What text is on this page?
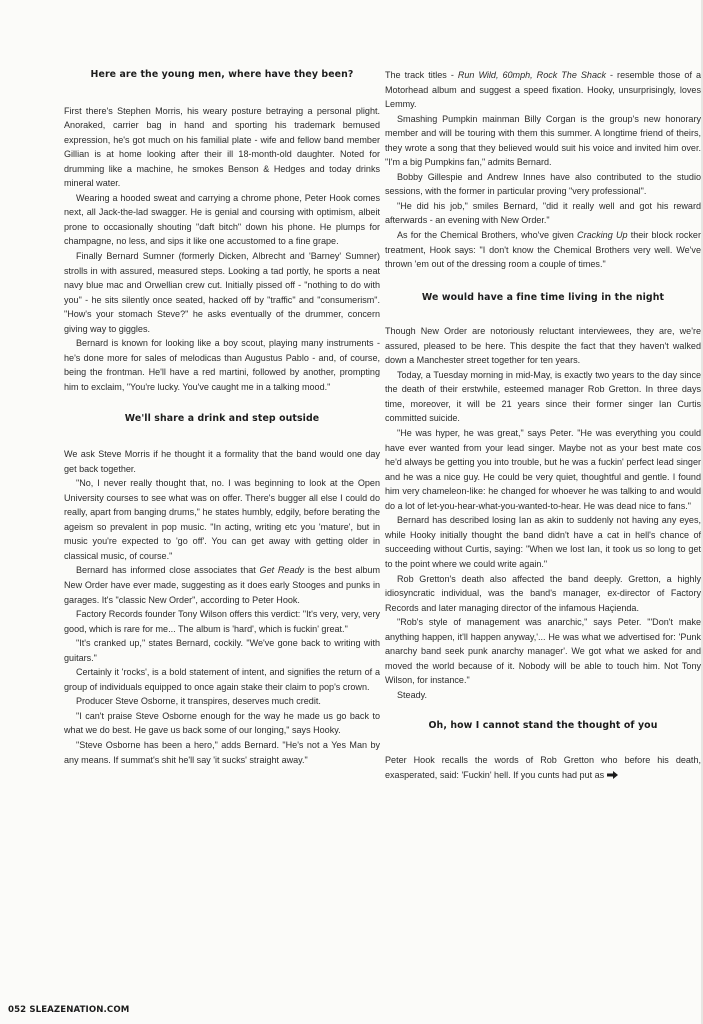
Here are the young men, where have they been?

First there's Stephen Morris, his weary posture betraying a personal plight. Anoraked, carrier bag in hand and sporting his trademark bemused expression, he's got much on his familial plate - wife and fellow band member Gillian is at home looking after their ill 18-month-old daughter. Noted for drumming like a machine, he smokes Benson & Hedges and today drinks mineral water.

Wearing a hooded sweat and carrying a chrome phone, Peter Hook comes next, all Jack-the-lad swagger. He is genial and coursing with optimism, albeit prone to occasionally shouting "daft bitch" down his phone. He plumps for champagne, no less, and sips it like one accustomed to a fine grape.

Finally Bernard Sumner (formerly Dicken, Albrecht and 'Barney' Sumner) strolls in with assured, measured steps. Looking a tad portly, he sports a neat navy blue mac and Orwellian crew cut. Initially pissed off - "nothing to do with you" - he sits silently once seated, hacked off by "traffic" and "consumerism". "How's your stomach Steve?" he asks eventually of the drummer, concern giving way to giggles.

Bernard is known for looking like a boy scout, playing many instruments - he's done more for sales of melodicas than Augustus Pablo - and, of course, being the frontman. He'll have a red martini, followed by another, prompting him to exclaim, "You're lucky. You've caught me in a talking mood."

We'll share a drink and step outside

We ask Steve Morris if he thought it a formality that the band would one day get back together.

"No, I never really thought that, no. I was beginning to look at the Open University courses to see what was on offer. There's bugger all else I could do really, apart from banging drums," he states humbly, edgily, before berating the ageism so prevalent in pop music. "In acting, writing etc you 'mature', but in music you're expected to 'go off'. You can get away with getting older in classical music, of course."

Bernard has informed close associates that Get Ready is the best album New Order have ever made, suggesting as it does early Stooges and punks in garages. It's "classic New Order", according to Peter Hook.

Factory Records founder Tony Wilson offers this verdict: "It's very, very, very good, which is rare for me... The album is 'hard', which is fuckin' great."

"It's cranked up," states Bernard, cockily. "We've gone back to writing with guitars."

Certainly it 'rocks', is a bold statement of intent, and signifies the return of a group of individuals equipped to once again stake their claim to pop's crown.

Producer Steve Osborne, it transpires, deserves much credit.

"I can't praise Steve Osborne enough for the way he made us go back to what we do best. He gave us back some of our longing," says Hooky.

"Steve Osborne has been a hero," adds Bernard. "He's not a Yes Man by any means. If summat's shit he'll say 'it sucks' straight away."

The track titles - Run Wild, 60mph, Rock The Shack - resemble those of a Motorhead album and suggest a speed fixation. Hooky, unsurprisingly, loves Lemmy.

Smashing Pumpkin mainman Billy Corgan is the group's new honorary member and will be touring with them this summer. A longtime friend of theirs, they wrote a song that they believed would suit his voice and invited him over. "I'm a big Pumpkins fan," admits Bernard.

Bobby Gillespie and Andrew Innes have also contributed to the studio sessions, with the former in particular proving "very professional".

"He did his job," smiles Bernard, "did it really well and got his reward afterwards - an evening with New Order."

As for the Chemical Brothers, who've given Cracking Up their block rocker treatment, Hook says: "I don't know the Chemical Brothers very well. We've thrown 'em out of the dressing room a couple of times."

We would have a fine time living in the night

Though New Order are notoriously reluctant interviewees, they are, we're assured, pleased to be here. This despite the fact that they haven't walked down a Manchester street together for ten years.

Today, a Tuesday morning in mid-May, is exactly two years to the day since the death of their erstwhile, esteemed manager Rob Gretton. In three days time, moreover, it will be 21 years since their former singer Ian Curtis committed suicide.

"He was hyper, he was great," says Peter. "He was everything you could have ever wanted from your lead singer. Maybe not as your best mate cos he'd always be getting you into trouble, but he was a fuckin' perfect lead singer and he was a nice guy. He could be very quiet, thoughtful and gentle. I found him very chameleon-like: he changed for whoever he was talking to and would do a lot of let-you-hear-what-you-wanted-to-hear. He was dead nice to fans."

Bernard has described losing Ian as akin to suddenly not having any eyes, while Hooky initially thought the band didn't have a cat in hell's chance of succeeding without Curtis, saying: "When we lost Ian, it took us so long to get to the point where we could write again."

Rob Gretton's death also affected the band deeply. Gretton, a highly idiosyncratic individual, was the band's manager, ex-director of Factory Records and later managing director of the infamous Haçienda.

"Rob's style of management was anarchic," says Peter. "'Don't make anything happen, it'll happen anyway,'... He was what we advertised for: 'Punk anarchy band seek punk anarchy manager'. We got what we asked for and moved the world because of it. Nobody will be able to touch him. Not Tony Wilson, for instance."

Steady.

Oh, how I cannot stand the thought of you

Peter Hook recalls the words of Rob Gretton who before his death, exasperated, said: 'Fuckin' hell. If you cunts had put as

052 SLEAZENATION.COM
